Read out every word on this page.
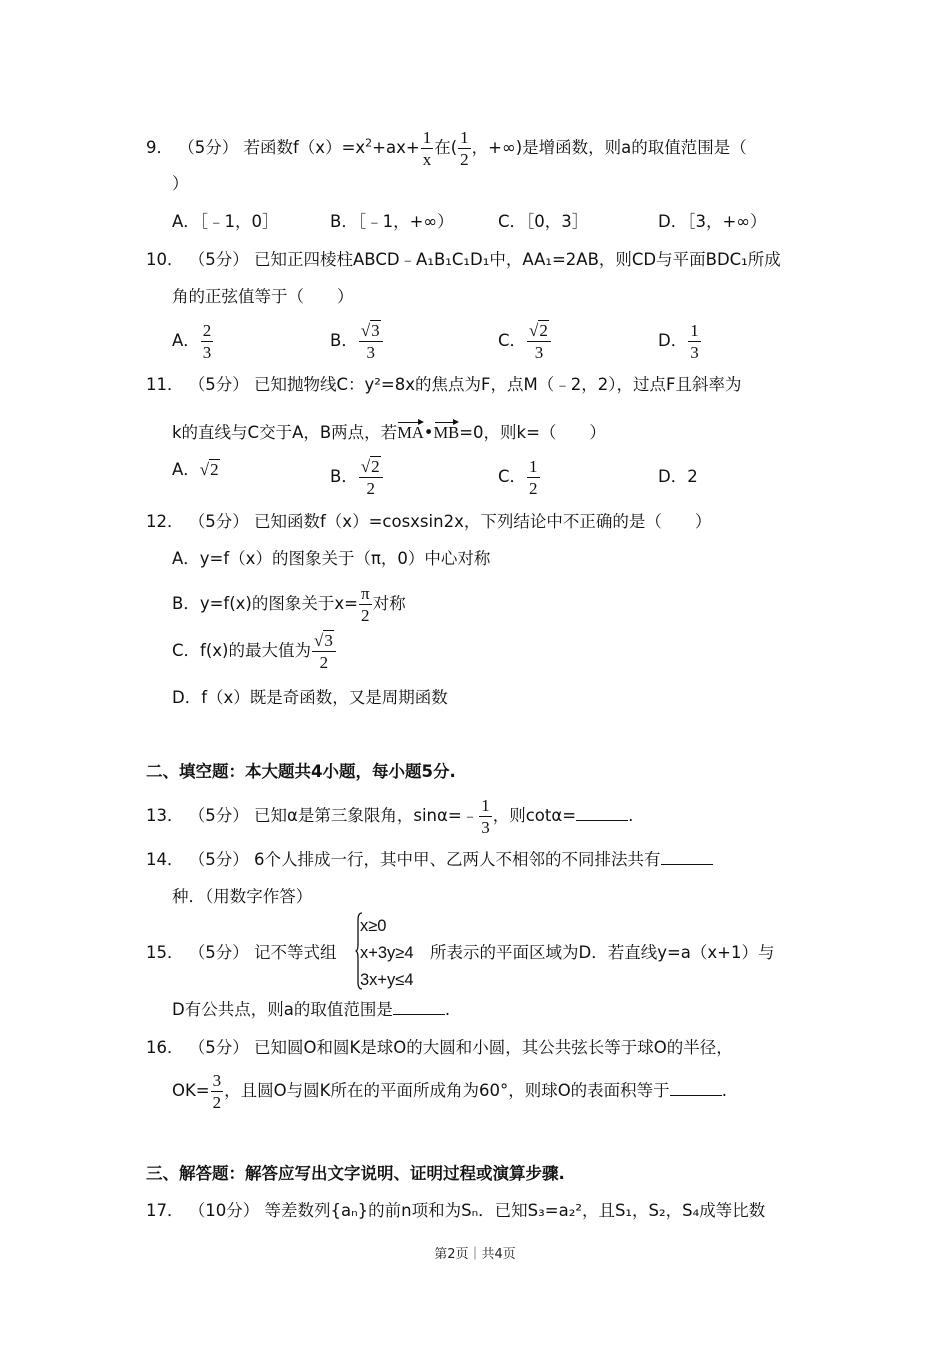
9． （5分） 若函数$f(x)=x^2+ax+ \frac{1}{x}$ 在( $\frac{1}{2}$ ，+∞)是增函数，则a的取值范围是（
）
A．［﹣1，0］	B．［﹣1，+∞）	C．［0，3］	D．［3，+∞）
10． （5分） 已知正四棱柱ABCD﹣A₁B₁C₁D₁中，AA₁=2AB，则CD与平面BDC₁所成
角的正弦值等于（　　）
A． $\frac{2}{3}$	B． $\frac{√3}{3}$	C． $\frac{√2}{3}$	D． $\frac{1}{3}$
11． （5分） 已知抛物线C：y²=8x的焦点为F，点M（﹣2，2），过点F且斜率为
k的直线与C交于A，B两点，若MA•MB=0，则k=（　　）
A．√2	B． $\frac{√2}{2}$	C． $\frac{1}{2}$	D．2
12． （5分） 已知函数f（x）=cosxsin2x，下列结论中不正确的是（　　）
A．y=f（x）的图象关于（π，0）中心对称
B．y=f(x)的图象关于$x= \frac{\pi}{2}$ 对称
C．f(x)的最大值为 $\frac{√3}{2}$
D．f（x）既是奇函数，又是周期函数
二、填空题：本大题共4小题，每小题5分.
13． （5分） 已知α是第三象限角，sinα=﹣ $\frac{1}{3}$ ，则cotα=	.
14． （5分） 6个人排成一行，其中甲、乙两人不相邻的不同排法共有
种．（用数字作答）
15． （5分） 记不等式组
x≥0
x+3y≥4
3x+y≤4
所表示的平面区域为D．若直线y=a（x+1）与
D有公共点，则a的取值范围是	.
16． （5分） 已知圆O和圆K是球O的大圆和小圆，其公共弦长等于球O的半径，
$OK= \frac{3}{2}$ ，且圆O与圆K所在的平面所成角为60°，则球O的表面积等于	.
三、解答题：解答应写出文字说明、证明过程或演算步骤.
17． （10分） 等差数列{aₙ}的前n项和为Sₙ．已知S₃=a₂²，且S₁，S₂，S₄成等比数
第2页｜共4页
